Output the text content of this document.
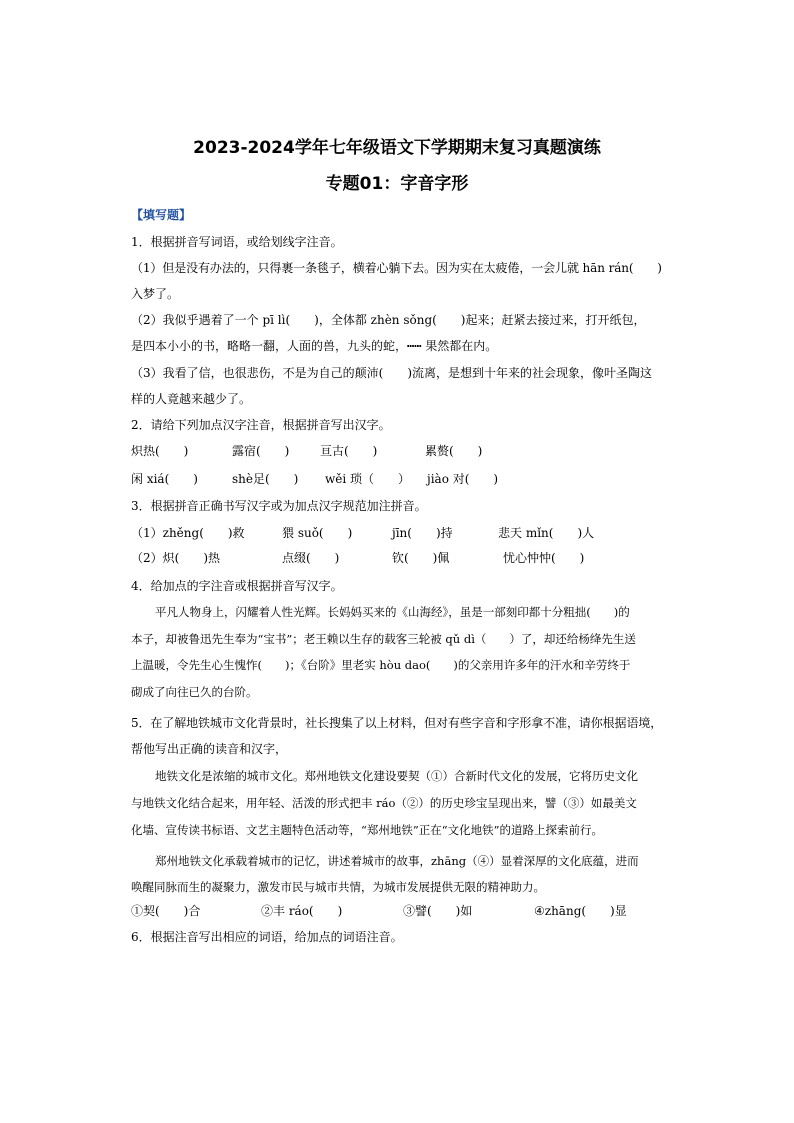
2023-2024学年七年级语文下学期期末复习真题演练
专题01：字音字形
【填写题】
1．根据拼音写词语，或给划线字注音。
（1）但是没有办法的，只得裹一条毯子，横着心躺下去。因为实在太疲倦，一会儿就 hān rán(　　)
入梦了。
（2）我似乎遇着了一个 pī lì(　　)，全体都 zhèn sǒng(　　)起来；赶紧去接过来，打开纸包，
是四本小小的书，略略一翻，人面的兽，九头的蛇，┅┅ 果然都在内。
（3）我看了信，也很悲伤，不是为自己的颠沛(　　)流离，是想到十年来的社会现象，像叶圣陶这
样的人竟越来越少了。
2．请给下列加点汉字注音，根据拼音写出汉字。
炽热(　　)	露宿(　　)	亘古(　　)	累赘(　　)
闲 xiá(　　)	shè足(　　) wěi 琐（　　） jiào 对(　　)
3．根据拼音正确书写汉字或为加点汉字规范加注拼音。
（1）zhěng(　　)救	猥 suǒ(　　)	jīn(　　)持	悲天 mǐn(　　)人
（2）炽(　　)热	点缀(　　)	钦(　　)佩	忧心忡忡(　　)
4．给加点的字注音或根据拼音写汉字。
平凡人物身上，闪耀着人性光辉。长妈妈买来的《山海经》，虽是一部刻印都十分粗拙(　　)的
本子，却被鲁迅先生奉为“宝书”；老王赖以生存的载客三轮被 qǔ dì（　　）了，却还给杨绛先生送
上温暖，令先生心生愧怍(　　)；《台阶》里老实 hòu dao(　　)的父亲用许多年的汗水和辛劳终于
砌成了向往已久的台阶。
5．在了解地铁城市文化背景时，社长搜集了以上材料，但对有些字音和字形拿不准，请你根据语境，
帮他写出正确的读音和汉字，
地铁文化是浓缩的城市文化。郑州地铁文化建设要契（①）合新时代文化的发展，它将历史文化
与地铁文化结合起来，用年轻、活泼的形式把丰 ráo（②）的历史珍宝呈现出来，譬（③）如最美文
化墙、宣传读书标语、文艺主题特色活动等，“郑州地铁”正在“文化地铁”的道路上探索前行。
郑州地铁文化承载着城市的记忆，讲述着城市的故事，zhāng（④）显着深厚的文化底蕴，进而
唤醒同脉而生的凝聚力，激发市民与城市共情，为城市发展提供无限的精神助力。
①契(　　)合	②丰 ráo(　　)	③譬(　　)如	④zhāng(　　)显
6．根据注音写出相应的词语，给加点的词语注音。
